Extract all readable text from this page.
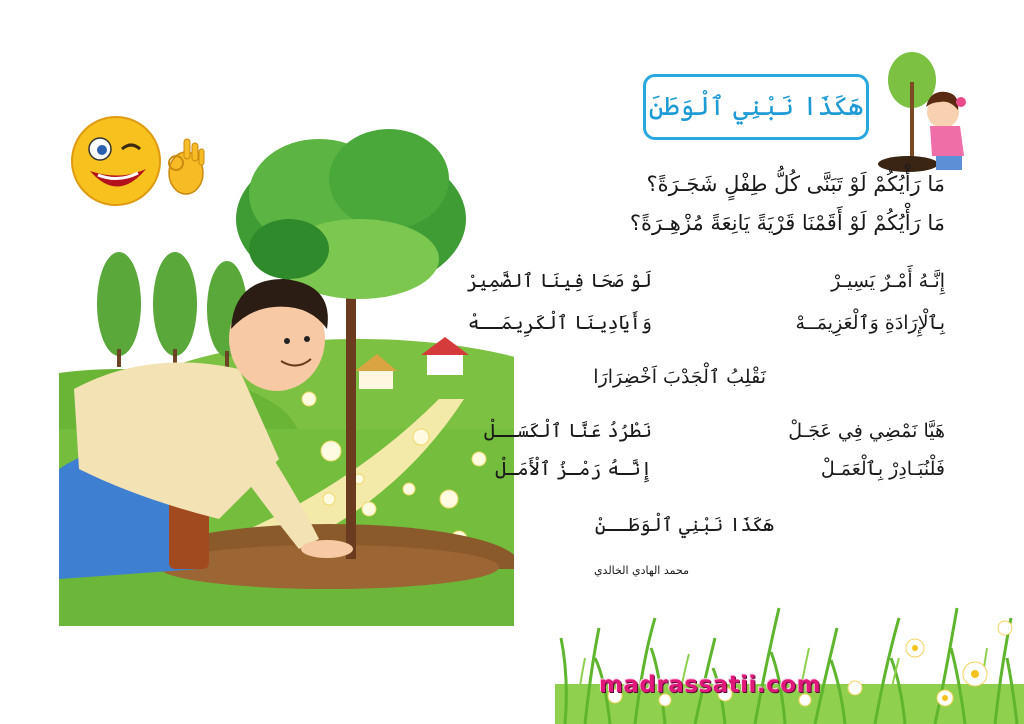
هَكَذَا نَبْنِي ٱلْوَطَنَ
مَا رَأْيُكُمْ لَوْ تَبَنَّى كُلُّ طِفْلٍ شَجَـرَةً؟
مَا رَأْيُكُمْ لَوْ أَقَمْنَا قَرْيَةً يَانِعَةً مُزْهِـرَةً؟
إِنَّـهُ أَمْـرٌ يَسِيـرْ
بِٱلْإِرَادَةِ وَٱلْعَزِيمَــهْ
لَوْ صَحَا فِينَا ٱلضَّمِيرْ
وَأَيَادِينَا ٱلْكَرِيمَــهْ
نَقْلِبُ ٱلْجَدْبَ اَخْضِرَارَا
هَيَّا نَمْضِي فِي عَجَـلْ
فَلْنُبَـادِرْ بِٱلْعَمَـلْ
نَطْرُدُ عَنَّا ٱلْكَسَــلْ
إِنَّـهُ رَمْـزُ ٱلْأَمَـلْ
هَكَذَا نَبْنِي ٱلْوَطَــنْ
محمد الهادي الخالدي
madrassatii.com
